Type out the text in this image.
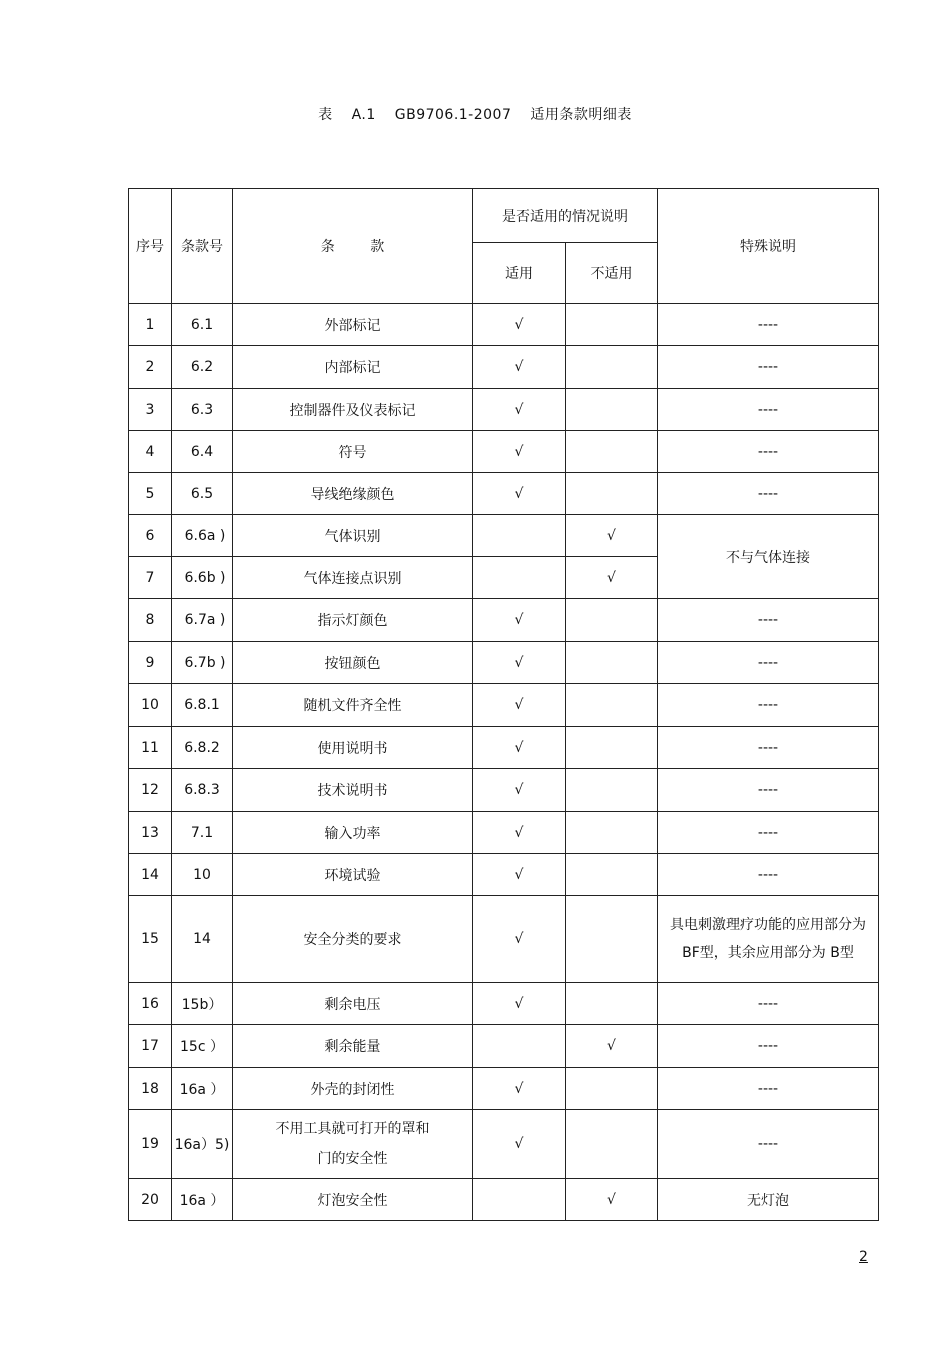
表 A.1 GB9706.1-2007 适用条款明细表
序号	条款号	条        款	是否适用的情况说明		特殊说明
			适用	不适用	
1	6.1	外部标记	√		----
2	6.2	内部标记	√		----
3	6.3	控制器件及仪表标记	√		----
4	6.4	符号	√		----
5	6.5	导线绝缘颜色	√		----
6	6.6a )	气体识别		√	不与气体连接
7	6.6b )	气体连接点识别		√	
8	6.7a )	指示灯颜色	√		----
9	6.7b )	按钮颜色	√		----
10	6.8.1	随机文件齐全性	√		----
11	6.8.2	使用说明书	√		----
12	6.8.3	技术说明书	√		----
13	7.1	输入功率	√		----
14	10	环境试验	√		----
15	14	安全分类的要求	√		具电刺激理疗功能的应用部分为 BF型，其余应用部分为 B型
16	15b）	剩余电压	√		----
17	15c ）	剩余能量		√	----
18	16a ）	外壳的封闭性	√		----
19	16a）5)	不用工具就可打开的罩和门的安全性	√		----
20	16a ）	灯泡安全性		√	无灯泡
2
